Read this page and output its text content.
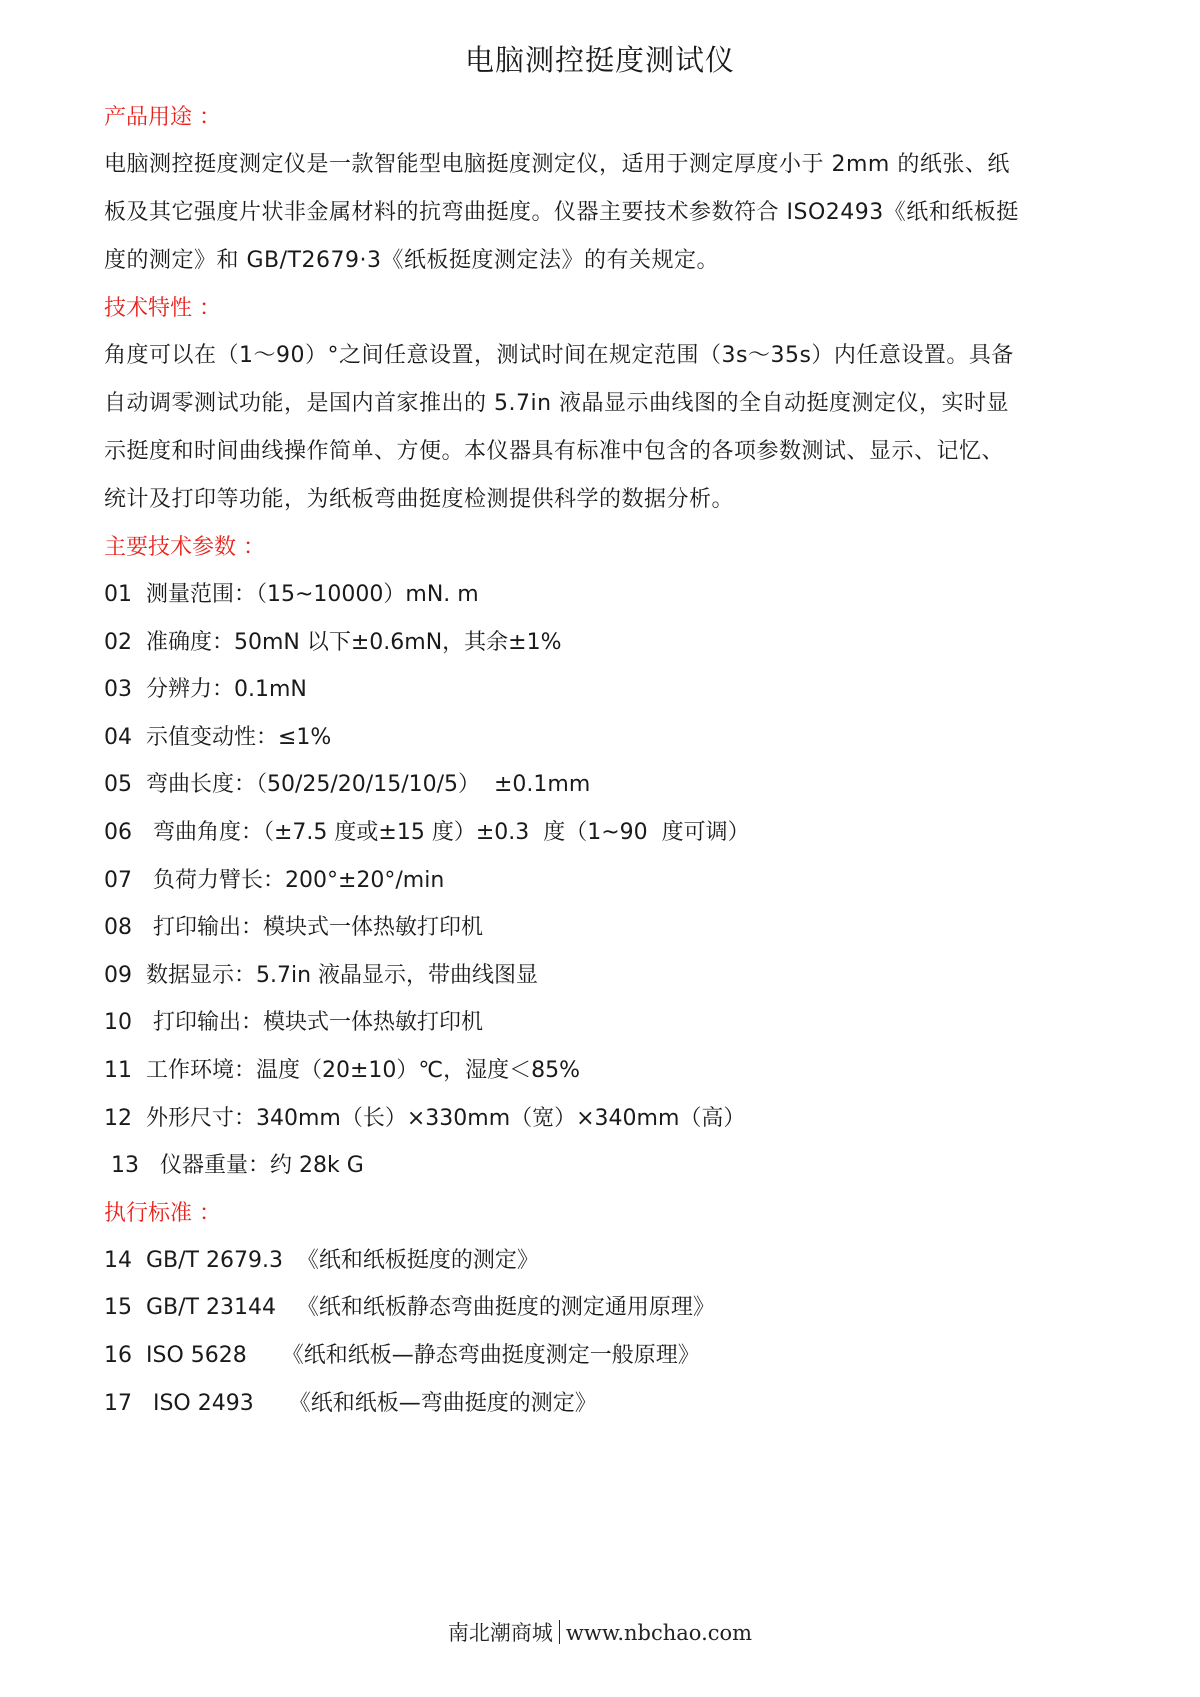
电脑测控挺度测试仪
产品用途 ：

电脑测控挺度测定仪是一款智能型电脑挺度测定仪，适用于测定厚度小于 2mm 的纸张、纸
板及其它强度片状非金属材料的抗弯曲挺度。仪器主要技术参数符合 ISO2493《纸和纸板挺
度的测定》和 GB/T2679·3《纸板挺度测定法》的有关规定。

技术特性 ：

角度可以在（1～90）°之间任意设置，测试时间在规定范围（3s～35s）内任意设置。具备
自动调零测试功能，是国内首家推出的 5.7in 液晶显示曲线图的全自动挺度测定仪，实时显
示挺度和时间曲线操作简单、方便。本仪器具有标准中包含的各项参数测试、显示、记忆、
统计及打印等功能，为纸板弯曲挺度检测提供科学的数据分析。

主要技术参数 ：
01  测量范围：（15~10000）mN. m
02  准确度：50mN 以下±0.6mN，其余±1%
03  分辨力：0.1mN
04  示值变动性：≤1%
05  弯曲长度：（50/25/20/15/10/5）  ±0.1mm
06   弯曲角度：（±7.5 度或±15 度）±0.3  度（1~90  度可调）
07   负荷力臂长：200°±20°/min
08   打印输出：模块式一体热敏打印机
09  数据显示：5.7in 液晶显示，带曲线图显
10   打印输出：模块式一体热敏打印机
11  工作环境：温度（20±10）℃，湿度＜85%
12  外形尺寸：340mm（长）×330mm（宽）×340mm（高）
13   仪器重量：约 28k G
执行标准 ：
14  GB/T 2679.3  《纸和纸板挺度的测定》
15  GB/T 23144   《纸和纸板静态弯曲挺度的测定通用原理》
16  ISO 5628     《纸和纸板—静态弯曲挺度测定一般原理》
17   ISO 2493     《纸和纸板—弯曲挺度的测定》
南北潮商城 www.nbchao.com
